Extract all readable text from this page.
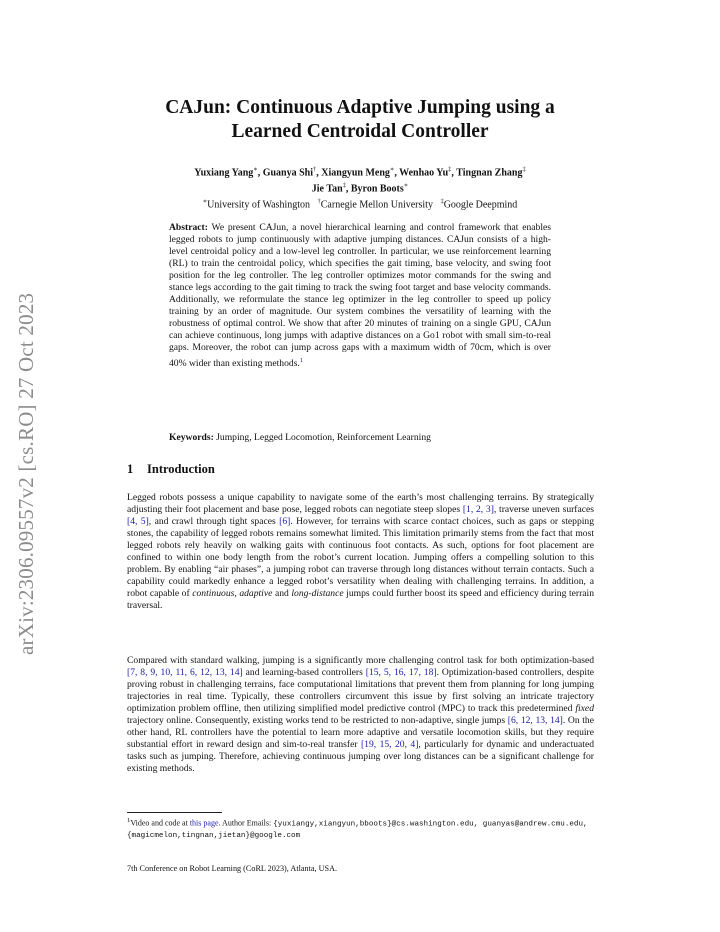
arXiv:2306.09557v2 [cs.RO] 27 Oct 2023
CAJun: Continuous Adaptive Jumping using a
Learned Centroidal Controller
Yuxiang Yang∗, Guanya Shi†, Xiangyun Meng∗, Wenhao Yu‡, Tingnan Zhang‡
Jie Tan‡, Byron Boots∗
∗University of Washington †Carnegie Mellon University ‡Google Deepmind

Abstract: We present CAJun, a novel hierarchical learning and control framework that enables legged robots to jump continuously with adaptive jumping distances. CAJun consists of a high-level centroidal policy and a low-level leg controller. In particular, we use reinforcement learning (RL) to train the centroidal policy, which specifies the gait timing, base velocity, and swing foot position for the leg controller. The leg controller optimizes motor commands for the swing and stance legs according to the gait timing to track the swing foot target and base velocity commands. Additionally, we reformulate the stance leg optimizer in the leg controller to speed up policy training by an order of magnitude. Our system combines the versatility of learning with the robustness of optimal control. We show that after 20 minutes of training on a single GPU, CAJun can achieve continuous, long jumps with adaptive distances on a Go1 robot with small sim-to-real gaps. Moreover, the robot can jump across gaps with a maximum width of 70cm, which is over 40% wider than existing methods.$^1$

Keywords: Jumping, Legged Locomotion, Reinforcement Learning

1 Introduction

Legged robots possess a unique capability to navigate some of the earth’s most challenging terrains. By strategically adjusting their foot placement and base pose, legged robots can negotiate steep slopes [1, 2, 3], traverse uneven surfaces [4, 5], and crawl through tight spaces [6]. However, for terrains with scarce contact choices, such as gaps or stepping stones, the capability of legged robots remains somewhat limited. This limitation primarily stems from the fact that most legged robots rely heavily on walking gaits with continuous foot contacts. As such, options for foot placement are confined to within one body length from the robot’s current location. Jumping offers a compelling solution to this problem. By enabling “air phases”, a jumping robot can traverse through long distances without terrain contacts. Such a capability could markedly enhance a legged robot’s versatility when dealing with challenging terrains. In addition, a robot capable of continuous, adaptive and long-distance jumps could further boost its speed and efficiency during terrain traversal.

Compared with standard walking, jumping is a significantly more challenging control task for both optimization-based [7, 8, 9, 10, 11, 6, 12, 13, 14] and learning-based controllers [15, 5, 16, 17, 18]. Optimization-based controllers, despite proving robust in challenging terrains, face computational limitations that prevent them from planning for long jumping trajectories in real time. Typically, these controllers circumvent this issue by first solving an intricate trajectory optimization problem offline, then utilizing simplified model predictive control (MPC) to track this predetermined fixed trajectory online. Consequently, existing works tend to be restricted to non-adaptive, single jumps [6, 12, 13, 14]. On the other hand, RL controllers have the potential to learn more adaptive and versatile locomotion skills, but they require substantial effort in reward design and sim-to-real transfer [19, 15, 20, 4], particularly for dynamic and underactuated tasks such as jumping. Therefore, achieving continuous jumping over long distances can be a significant challenge for existing methods.

$^1$Video and code at this page. Author Emails: {yuxiangy,xiangyun,bboots}@cs.washington.edu, guanyas@andrew.cmu.edu, {magicmelon,tingnan,jietan}@google.com

7th Conference on Robot Learning (CoRL 2023), Atlanta, USA.
